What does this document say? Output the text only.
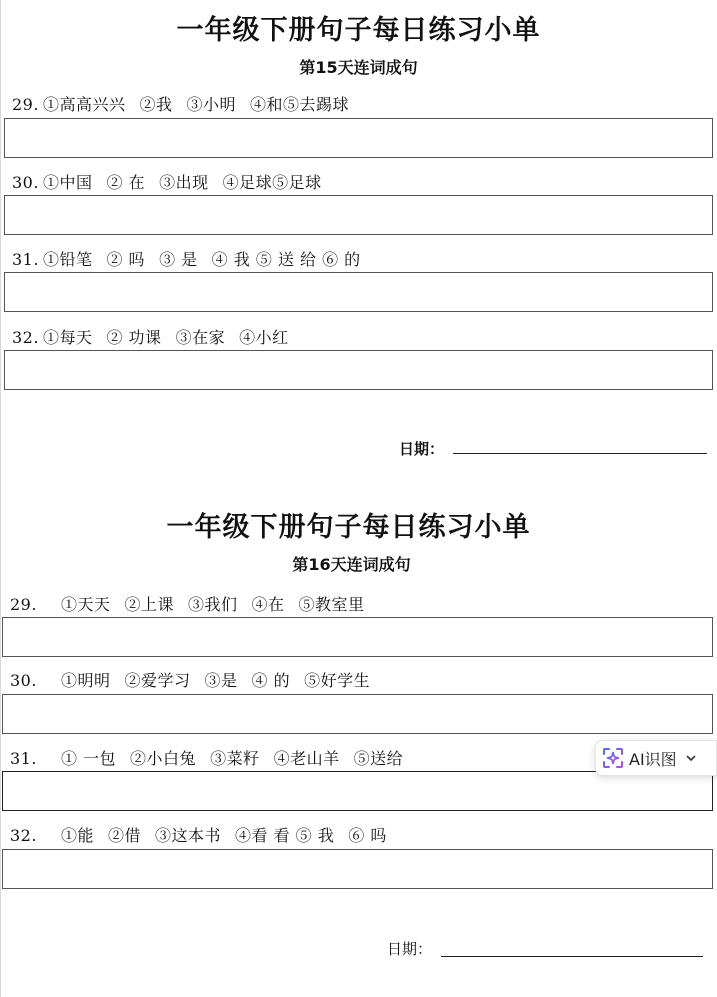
一年级下册句子每日练习小单
第15天连词成句
29. ①高高兴兴 ②我 ③小明 ④和⑤去踢球
30. ①中国 ② 在 ③出现 ④足球⑤足球
31. ①铅笔 ② 吗 ③ 是 ④ 我 ⑤ 送 给 ⑥ 的
32. ①每天 ② 功课 ③在家 ④小红
日期：
一年级下册句子每日练习小单
第16天连词成句
29. ①天天 ②上课 ③我们 ④在 ⑤教室里
30. ①明明 ②爱学习 ③是 ④ 的 ⑤好学生
31. ① 一包 ②小白兔 ③菜籽 ④老山羊 ⑤送给
32. ①能 ②借 ③这本书 ④看 看 ⑤ 我 ⑥ 吗
日期：
AI识图
